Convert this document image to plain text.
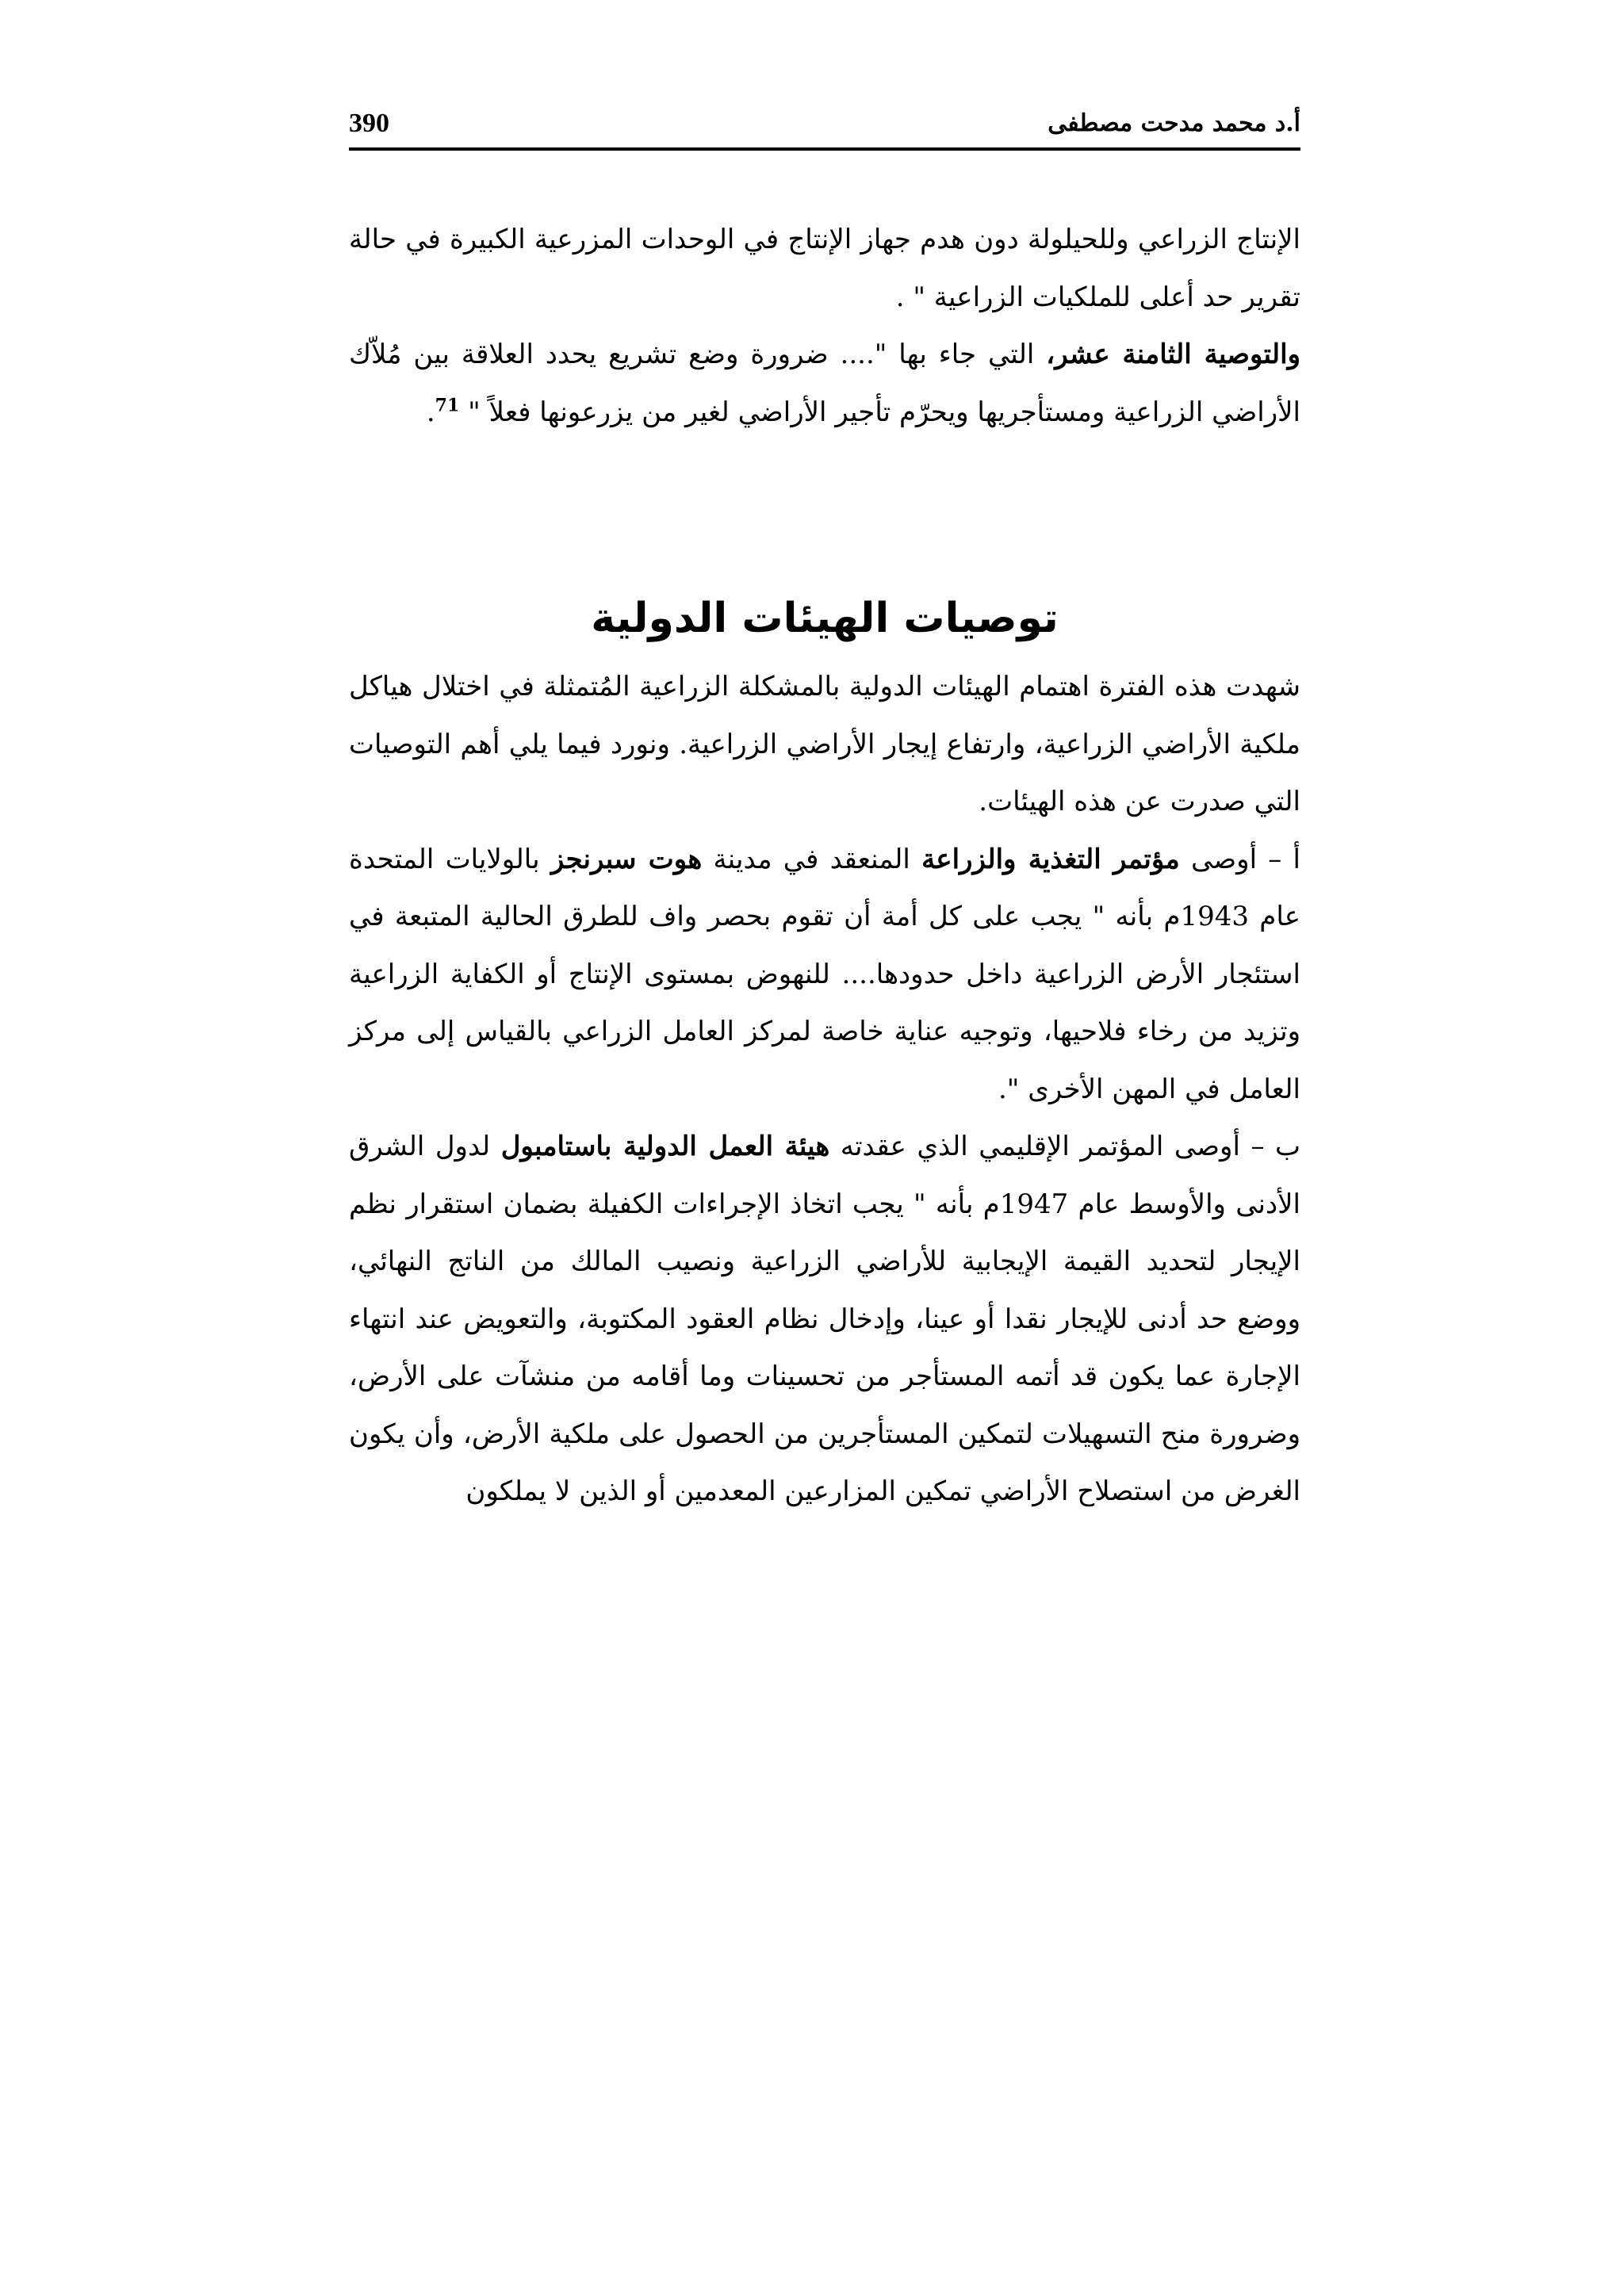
390	أ.د محمد مدحت مصطفى

الإنتاج الزراعي وللحيلولة دون هدم جهاز الإنتاج في الوحدات المزرعية الكبيرة في حالة تقرير حد أعلى للملكيات الزراعية " .

والتوصية الثامنة عشر، التي جاء بها ".... ضرورة وضع تشريع يحدد العلاقة بين مُلاّك الأراضي الزراعية ومستأجريها ويحرّم تأجير الأراضي لغير من يزرعونها فعلاً " $^{71}$.

توصيات الهيئات الدولية

شهدت هذه الفترة اهتمام الهيئات الدولية بالمشكلة الزراعية المُتمثلة في اختلال هياكل ملكية الأراضي الزراعية، وارتفاع إيجار الأراضي الزراعية. ونورد فيما يلي أهم التوصيات التي صدرت عن هذه الهيئات.

أ – أوصى مؤتمر التغذية والزراعة المنعقد في مدينة هوت سبرنجز بالولايات المتحدة عام 1943م بأنه " يجب على كل أمة أن تقوم بحصر واف للطرق الحالية المتبعة في استئجار الأرض الزراعية داخل حدودها.... للنهوض بمستوى الإنتاج أو الكفاية الزراعية وتزيد من رخاء فلاحيها، وتوجيه عناية خاصة لمركز العامل الزراعي بالقياس إلى مركز العامل في المهن الأخرى ".

ب – أوصى المؤتمر الإقليمي الذي عقدته هيئة العمل الدولية باستامبول لدول الشرق الأدنى والأوسط عام 1947م بأنه " يجب اتخاذ الإجراءات الكفيلة بضمان استقرار نظم الإيجار لتحديد القيمة الإيجابية للأراضي الزراعية ونصيب المالك من الناتج النهائي، ووضع حد أدنى للإيجار نقدا أو عينا، وإدخال نظام العقود المكتوبة، والتعويض عند انتهاء الإجارة عما يكون قد أتمه المستأجر من تحسينات وما أقامه من منشآت على الأرض، وضرورة منح التسهيلات لتمكين المستأجرين من الحصول على ملكية الأرض، وأن يكون الغرض من استصلاح الأراضي تمكين المزارعين المعدمين أو الذين لا يملكون
